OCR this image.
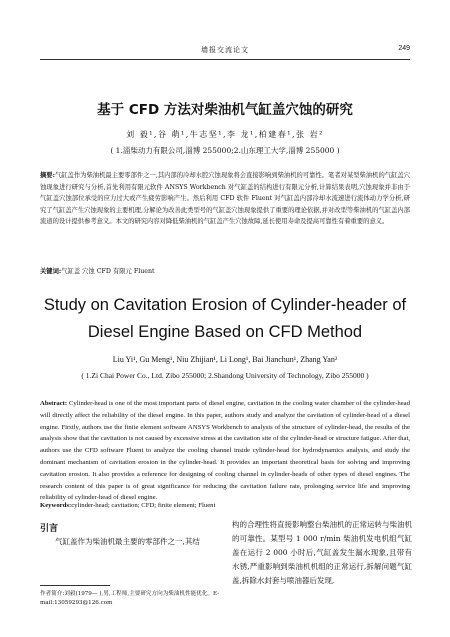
墙报交流论文	249
基于 CFD 方法对柴油机气缸盖穴蚀的研究
刘 毅¹,谷 萌¹,牛志坚¹,李 龙¹,柏建春¹,张 岩²
( 1.淄柴动力有限公司,淄博 255000;2.山东理工大学,淄博 255000 )
摘要:气缸盖作为柴油机最主要零部件之一,其内部的冷却水腔穴蚀现象将会直接影响到柴油机的可靠性。笔者对某型柴油机的气缸盖穴蚀现象进行研究与分析,首先利用有限元软件 ANSYS Workbench 对气缸盖的结构进行有限元分析,计算结果表明,穴蚀现象并非由于气缸盖穴蚀部位承受的应力过大或产生疲劳影响产生。然后利用 CFD 软件 Fluent 对气缸盖内部冷却水流速进行流体动力学分析,研究了气缸盖产生穴蚀现象的主要机理,分解论为改善此类型号的气缸盖穴蚀现象提供了重要的理论依据,并对改型等柴油机的气缸盖内部流道的设计提供参考意义。本文的研究内容对降低柴油机的气缸盖产生穴蚀故障,延长使用寿命及提高可靠性有着重要的意义。
关键词:气缸盖 穴蚀 CFD 有限元 Fluent
Study on Cavitation Erosion of Cylinder-header of Diesel Engine Based on CFD Method
Liu Yi¹, Gu Meng¹, Niu Zhijian¹, Li Long¹, Bai Jianchun¹, Zhang Yan²
( 1.Zi Chai Power Co., Ltd. Zibo 255000; 2.Shandong University of Technology, Zibo 255000 )
Abstract: Cylinder-head is one of the most important parts of diesel engine, cavitation in the cooling water chamber of the cylinder-head will directly affect the reliability of the diesel engine. In this paper, authors study and analyze the cavitation of cylinder-head of a diesel engine. Firstly, authors use the finite element software ANSYS Workbench to analysis of the structure of cylinder-head, the results of the analysis show that the cavitation is not caused by excessive stress at the cavitation site of the cylinder-head or structure fatigue. After that, authors use the CFD software Fluent to analyze the cooling channel inside cylinder-head for hydrodynamics analysis, and study the dominant mechanism of cavitation erosion in the cylinder-head. It provides an important theoretical basis for solving and improving cavitation erosion. It also provides a reference for designing of cooling channel in cylinder-heads of other types of diesel engines. The research content of this paper is of great significance for reducing the cavitation failure rate, prolonging service life and improving reliability of cylinder-head of diesel engine.
Keywords:cylinder-head; cavitation; CFD; finite element; Fluent
引言
气缸盖作为柴油机最主要的零部件之一,其结
作者简介:刘毅(1979— ),男,工程师,主要研究方向为柴油机性能优化。E-mail:13059293@126.com
构的合理性将直接影响整台柴油机的正常运转与柴油机的可靠性。某型号 1 000 r/min 柴油机发电机组气缸盖在运行 2 000 小时后,气缸盖发生漏水现象,且带有水锈,严重影响到柴油机机组的正常运行,拆解问题气缸盖,拆除水封套与喷油器后发现,
